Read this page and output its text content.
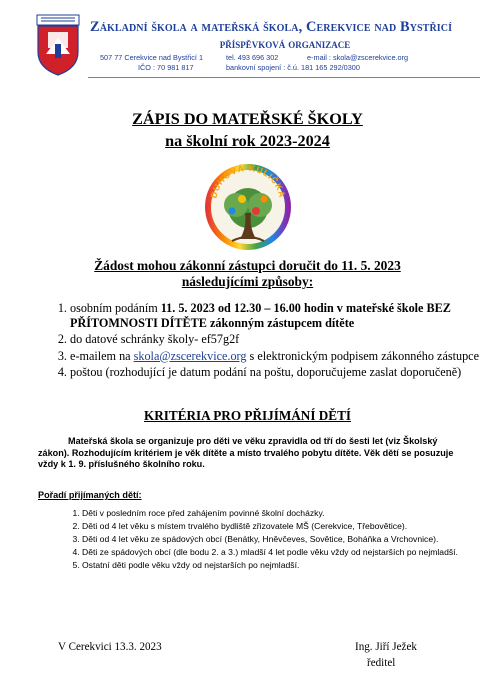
Základní škola a mateřská škola, Cerekvice nad Bystřicí
příspěvková organizace
507 77 Cerekvice nad Bystřicí 1	tel. 493 696 302	e-mail : skola@zscerekvice.org
IČO : 70 981 817	bankovní spojení : č.ú. 181 165 292/0300
ZÁPIS DO MATEŘSKÉ ŠKOLY
na školní rok 2023-2024
DUHOVÁ KULIČKA
Žádost mohou zákonní zástupci doručit do 11. 5. 2023
následujícími způsoby:
1. osobním podáním 11. 5. 2023 od 12.30 – 16.00 hodin v mateřské škole BEZ PŘÍTOMNOSTI DÍTĚTE zákonným zástupcem dítěte
2. do datové schránky školy- ef57g2f
3. e-mailem na skola@zscerekvice.org s elektronickým podpisem zákonného zástupce
4. poštou (rozhodující je datum podání na poštu, doporučujeme zaslat doporučeně)
KRITÉRIA PRO PŘIJÍMÁNÍ DĚTÍ
Mateřská škola se organizuje pro děti ve věku zpravidla od tří do šesti let (viz Školský zákon). Rozhodujícím kritériem je věk dítěte a místo trvalého pobytu dítěte. Věk dětí se posuzuje vždy k 1. 9. příslušného školního roku.
Pořadí přijímaných dětí:
1. Děti v posledním roce před zahájením povinné školní docházky.
2. Děti od 4 let věku s místem trvalého bydliště zřizovatele MŠ (Cerekvice, Třebovětice).
3. Děti od 4 let věku ze spádových obcí (Benátky, Hněvčeves, Sovětice, Boháňka a Vrchovnice).
4. Děti ze spádových obcí (dle bodu 2. a 3.) mladší 4 let podle věku vždy od nejstarších po nejmladší.
5. Ostatní děti podle věku vždy od nejstarších po nejmladší.
V Cerekvici 13.3. 2023	Ing. Jiří Ježek
ředitel
